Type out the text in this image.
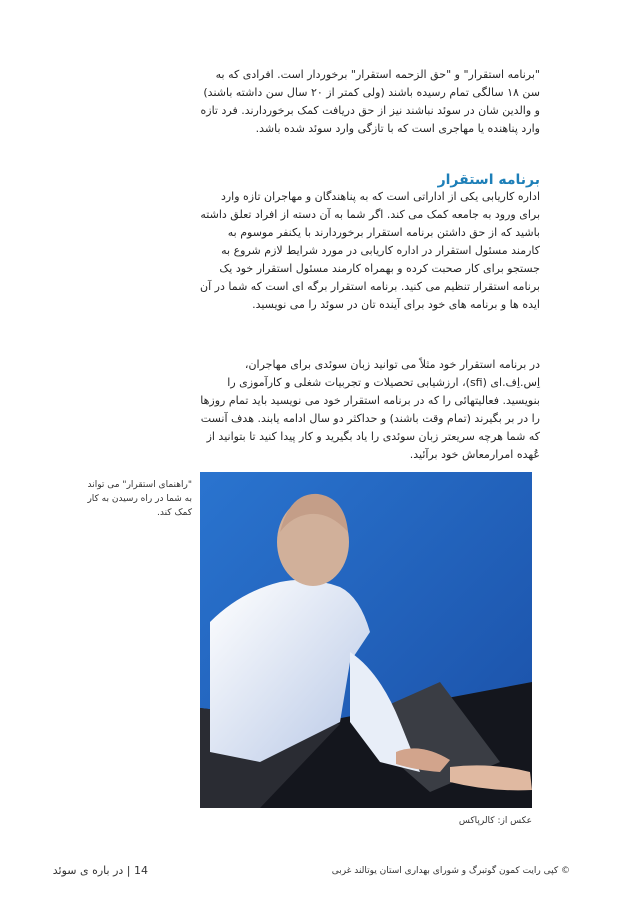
"برنامه استقرار" و "حق الزحمه استقرار" برخوردار است. افرادی که به سن ۱۸ سالگی تمام رسیده باشند (ولی کمتر از ۲۰ سال سن داشته باشند) و والدین شان در سوئد نباشند نیز از حق دریافت کمک برخوردارند. فرد تازه وارد پناهنده یا مهاجری است که با تازگی وارد سوئد شده باشد.

برنامه استقرار

اداره کاریابی یکی از اداراتی است که به پناهندگان و مهاجران تازه وارد برای ورود به جامعه کمک می کند. اگر شما به آن دسته از افراد تعلق داشته باشید که از حق داشتن برنامه استقرار برخوردارند با یکنفر موسوم به کارمند مسئول استقرار در اداره کاریابی در مورد شرایط لازم شروع به جستجو برای کار صحبت کرده و بهمراه کارمند مسئول استقرار خود یک برنامه استقرار تنظیم می کنید. برنامه استقرار برگه ای است که شما در آن ایده ها و برنامه های خود برای آینده تان در سوئد را می نویسید.

در برنامه استقرار خود مثلاً می توانید زبان سوئدی برای مهاجران، اِس.اِف.ای (sfi)، ارزشیابی تحصیلات و تجربیات شغلی و کارآموزی را بنویسید. فعالیتهائی را که در برنامه استقرار خود می نویسید باید تمام روزها را در بر بگیرند (تمام وقت باشند) و حداکثر دو سال ادامه یابند. هدف آنست که شما هرچه سریعتر زبان سوئدی را یاد بگیرید و کار پیدا کنید تا بتوانید از عُهده امرارمعاش خود برآئید.

"راهنمای استقرار" می تواند به شما در راه رسیدن به کار کمک کند.
عکس از: کالرپاکس
© کپی رایت کمون گوتبرگ و شورای بهداری استان یوتالند غربی
14 | در باره ی سوئد
